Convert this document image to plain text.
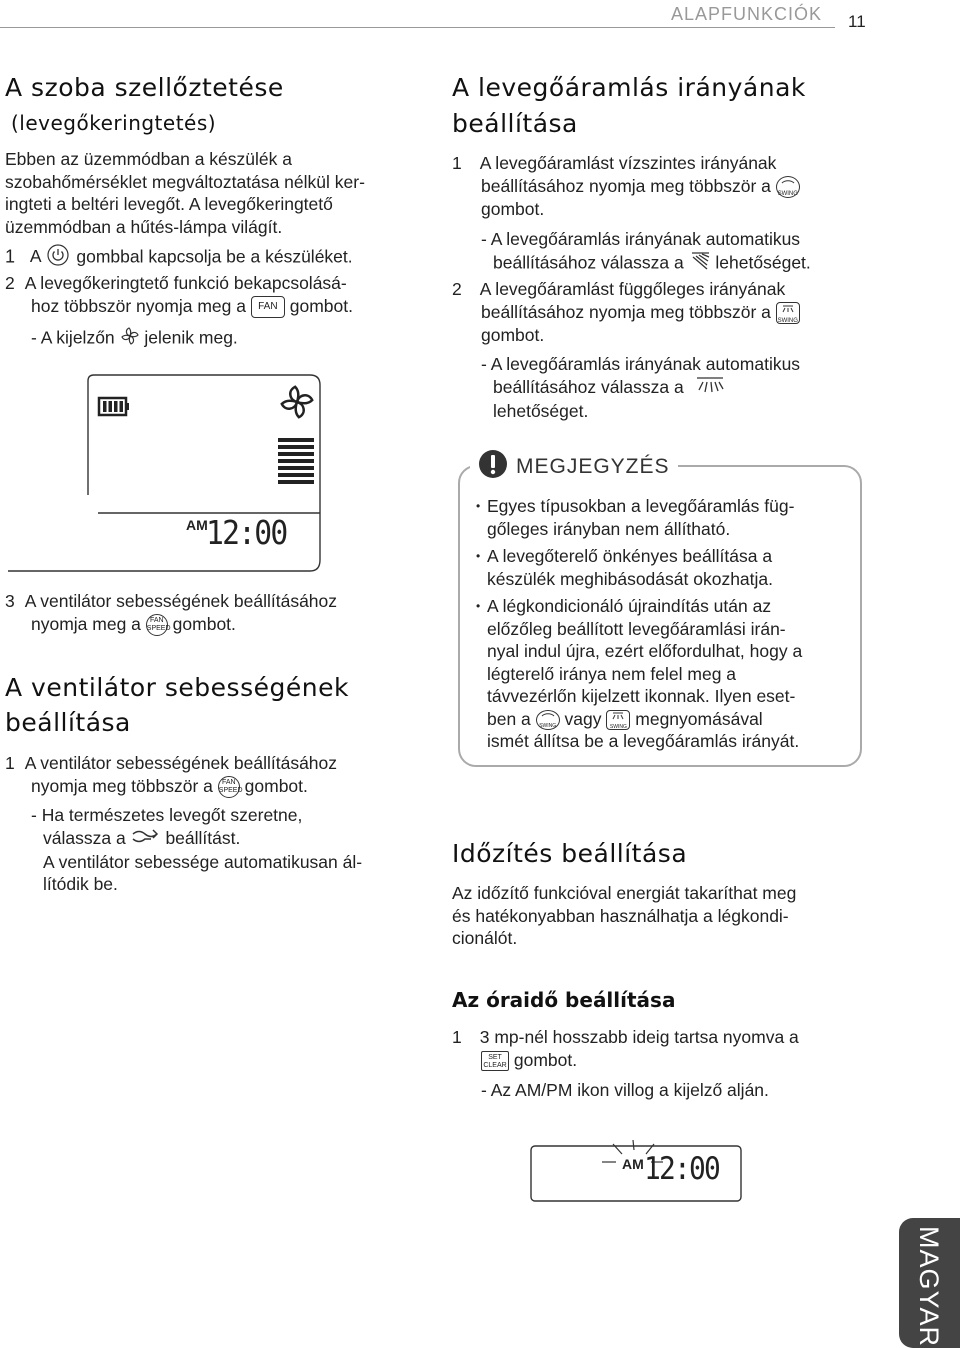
ALAPFUNKCIÓK 11
A szoba szellőztetése
(levegőkeringtetés)
Ebben az üzemmódban a készülék a
szobahőmérséklet megváltoztatása nélkül ker-
ingteti a beltéri levegőt. A levegőkeringtető
üzemmódban a hűtés-lámpa világít.
1 A gombbal kapcsolja be a készüléket.
2 A levegőkeringtető funkció bekapcsolásá-
hoz többször nyomja meg a FAN gombot.
- A kijelzőn jelenik meg.
AM
12:00
3 A ventilátor sebességének beállításához
nyomja meg a FAN
SPEED gombot.
A ventilátor sebességének
beállítása
1 A ventilátor sebességének beállításához
nyomja meg többször a FAN
SPEED gombot.
- Ha természetes levegőt szeretne,
válassza a beállítást.
A ventilátor sebessége automatikusan ál-
lítódik be.
A levegőáramlás irányának
beállítása
1 A levegőáramlást vízszintes irányának
beállításához nyomja meg többször a SWING
gombot.
- A levegőáramlás irányának automatikus
beállításához válassza a lehetőséget.
2 A levegőáramlást függőleges irányának
beállításához nyomja meg többször a SWING
gombot.
- A levegőáramlás irányának automatikus
beállításához válassza a
lehetőséget.
MEGJEGYZÉS
• Egyes típusokban a levegőáramlás füg-
gőleges irányban nem állítható.
• A levegőterelő önkényes beállítása a
készülék meghibásodását okozhatja.
• A légkondicionáló újraindítás után az
előzőleg beállított levegőáramlási irán-
nyal indul újra, ezért előfordulhat, hogy a
légterelő iránya nem felel meg a
távvezérlőn kijelzett ikonnak. Ilyen eset-
ben a SWING vagy SWING megnyomásával
ismét állítsa be a levegőáramlás irányát.
Időzítés beállítása
Az időzítő funkcióval energiát takaríthat meg
és hatékonyabban használhatja a légkondi-
cionálót.
Az óraidő beállítása
1 3 mp-nél hosszabb ideig tartsa nyomva a
SET
CLEAR gombot.
- Az AM/PM ikon villog a kijelző alján.
AM 12:00
MAGYAR
